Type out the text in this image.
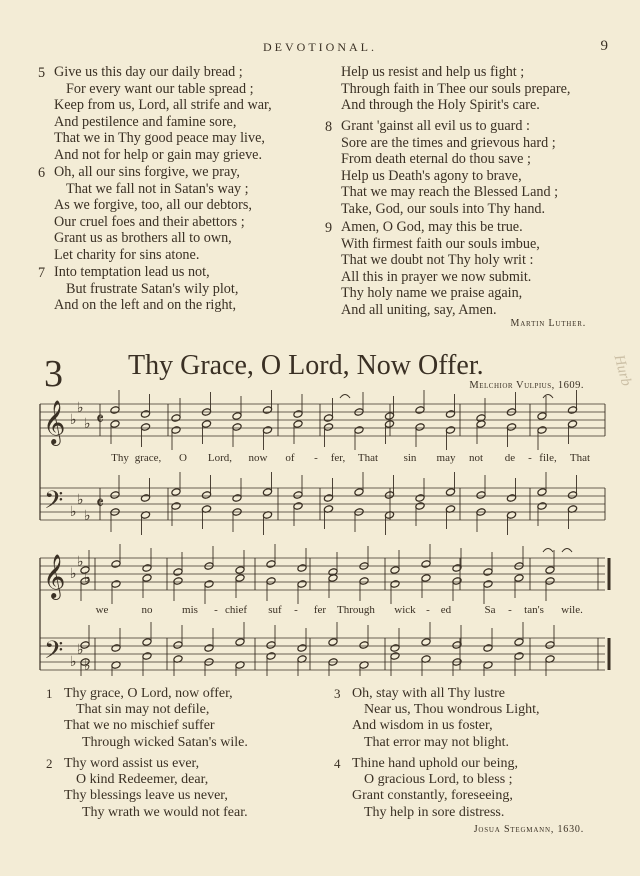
DEVOTIONAL.	9
5 Give us this day our daily bread ;
For every want our table spread ;
Keep from us, Lord, all strife and war,
And pestilence and famine sore,
That we in Thy good peace may live,
And not for help or gain may grieve.
6 Oh, all our sins forgive, we pray,
That we fall not in Satan's way ;
As we forgive, too, all our debtors,
Our cruel foes and their abettors ;
Grant us as brothers all to own,
Let charity for sins atone.
7 Into temptation lead us not,
But frustrate Satan's wily plot,
And on the left and on the right,
Help us resist and help us fight ;
Through faith in Thee our souls prepare,
And through the Holy Spirit's care.
8 Grant 'gainst all evil us to guard :
Sore are the times and grievous hard ;
From death eternal do thou save ;
Help us Death's agony to brave,
That we may reach the Blessed Land ;
Take, God, our souls into Thy hand.
9 Amen, O God, may this be true.
With firmest faith our souls imbue,
That we doubt not Thy holy writ :
All this in prayer we now submit.
Thy holy name we praise again,
And all uniting, say, Amen.
Martin Luther.
3 Thy Grace, O Lord, Now Offer.
Melchior Vulpius, 1609. Hurb
𝄞
𝄢
♭
♭
♭
♭
♭
♭
𝄵
𝄵
𝄞
𝄢
♭
♭
♭
♭
♭
♭
Thy grace, O Lord, now of - fer, That sin may not de - file, That
we	no	mis - chief suf - fer Through wick - ed	Sa - tan's wile.
1 Thy grace, O Lord, now offer,
That sin may not defile,
That we no mischief suffer
Through wicked Satan's wile.
2 Thy word assist us ever,
O kind Redeemer, dear,
Thy blessings leave us never,
Thy wrath we would not fear.
3 Oh, stay with all Thy lustre
Near us, Thou wondrous Light,
And wisdom in us foster,
That error may not blight.
4 Thine hand uphold our being,
O gracious Lord, to bless ;
Grant constantly, foreseeing,
Thy help in sore distress.
Josua Stegmann, 1630.
